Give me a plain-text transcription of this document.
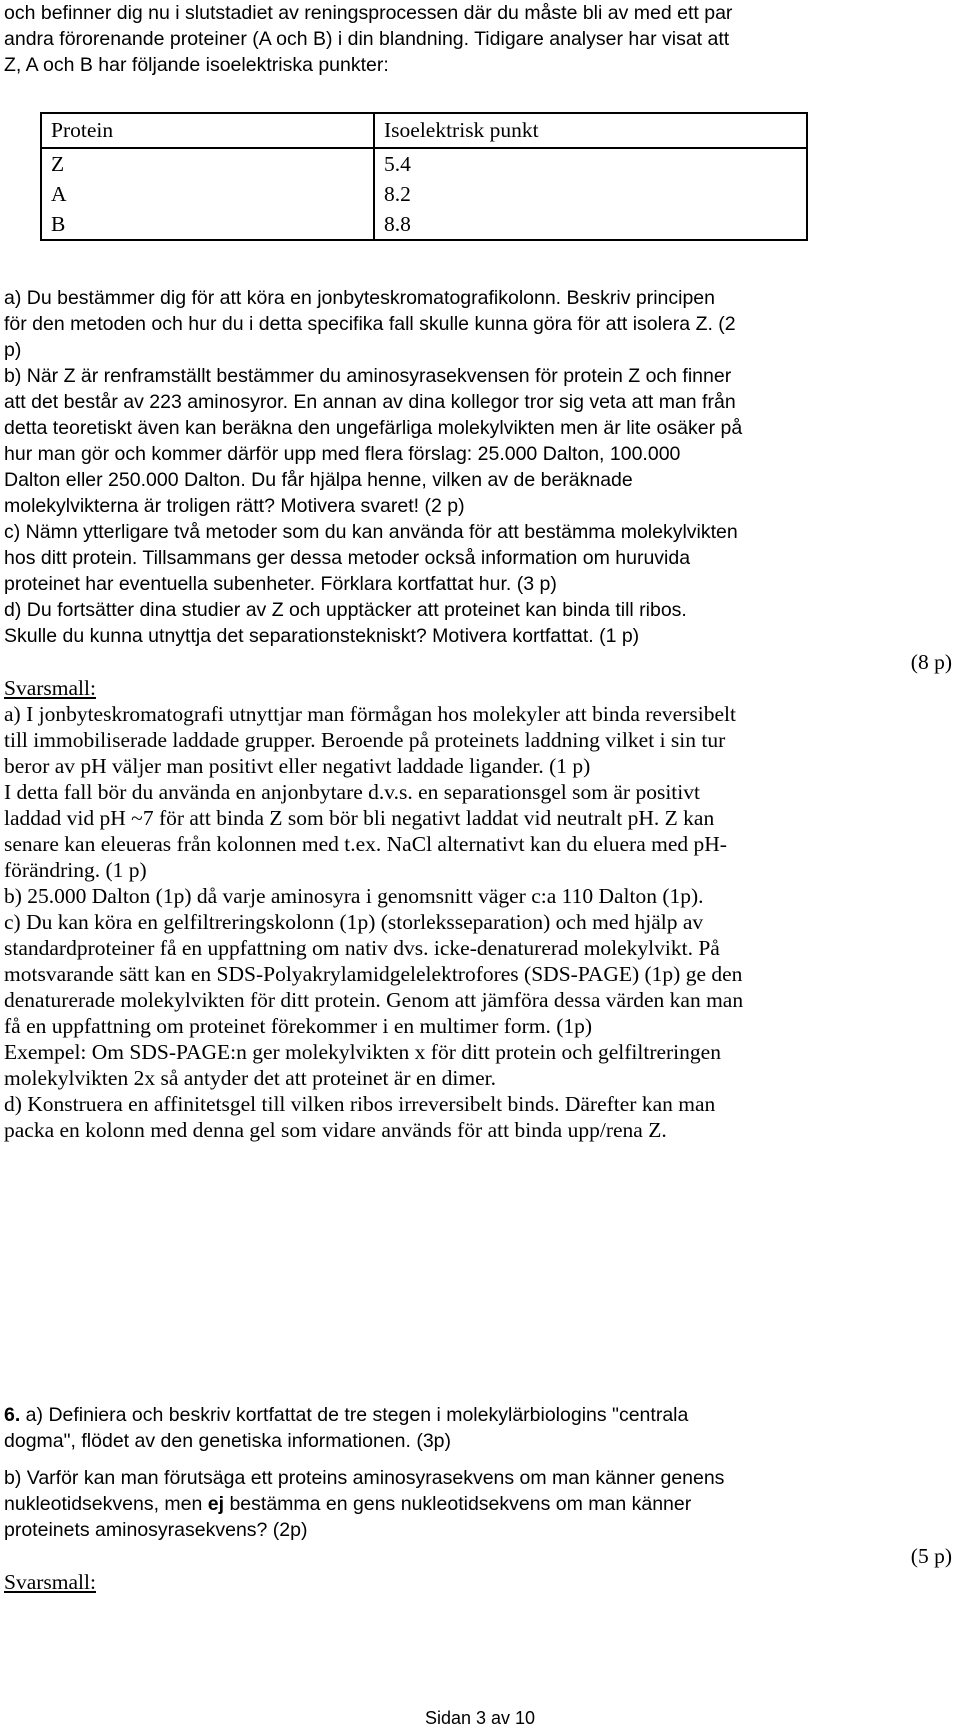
och befinner dig nu i slutstadiet av reningsprocessen där du måste bli av med ett par
andra förorenande proteiner (A och B) i din blandning. Tidigare analyser har visat att
Z, A och B har följande isoelektriska punkter:
Protein	Isoelektrisk punkt
Z	5.4
A	8.2
B	8.8
a) Du bestämmer dig för att köra en jonbyteskromatografikolonn. Beskriv principen
för den metoden och hur du i detta specifika fall skulle kunna göra för att isolera Z. (2
p)
b) När Z är renframställt bestämmer du aminosyrasekvensen för protein Z och finner
att det består av 223 aminosyror. En annan av dina kollegor tror sig veta att man från
detta teoretiskt även kan beräkna den ungefärliga molekylvikten men är lite osäker på
hur man gör och kommer därför upp med flera förslag: 25.000 Dalton, 100.000
Dalton eller 250.000 Dalton. Du får hjälpa henne, vilken av de beräknade
molekylvikterna är troligen rätt? Motivera svaret! (2 p)
c) Nämn ytterligare två metoder som du kan använda för att bestämma molekylvikten
hos ditt protein. Tillsammans ger dessa metoder också information om huruvida
proteinet har eventuella subenheter. Förklara kortfattat hur. (3 p)
d) Du fortsätter dina studier av Z och upptäcker att proteinet kan binda till ribos.
Skulle du kunna utnyttja det separationstekniskt? Motivera kortfattat. (1 p)
(8 p)
Svarsmall:
a) I jonbyteskromatografi utnyttjar man förmågan hos molekyler att binda reversibelt
till immobiliserade laddade grupper. Beroende på proteinets laddning vilket i sin tur
beror av pH väljer man positivt eller negativt laddade ligander. (1 p)
I detta fall bör du använda en anjonbytare d.v.s. en separationsgel som är positivt
laddad vid pH ~7 för att binda Z som bör bli negativt laddat vid neutralt pH. Z kan
senare kan eleueras från kolonnen med t.ex. NaCl alternativt kan du eluera med pH-
förändring. (1 p)
b) 25.000 Dalton (1p) då varje aminosyra i genomsnitt väger c:a 110 Dalton (1p).
c) Du kan köra en gelfiltreringskolonn (1p) (storleksseparation) och med hjälp av
standardproteiner få en uppfattning om nativ dvs. icke-denaturerad molekylvikt. På
motsvarande sätt kan en SDS-Polyakrylamidgelelektrofores (SDS-PAGE) (1p) ge den
denaturerade molekylvikten för ditt protein. Genom att jämföra dessa värden kan man
få en uppfattning om proteinet förekommer i en multimer form. (1p)
Exempel: Om SDS-PAGE:n ger molekylvikten x för ditt protein och gelfiltreringen
molekylvikten 2x så antyder det att proteinet är en dimer.
d) Konstruera en affinitetsgel till vilken ribos irreversibelt binds. Därefter kan man
packa en kolonn med denna gel som vidare används för att binda upp/rena Z.
6. a) Definiera och beskriv kortfattat de tre stegen i molekylärbiologins "centrala
dogma", flödet av den genetiska informationen. (3p)
b) Varför kan man förutsäga ett proteins aminosyrasekvens om man känner genens
nukleotidsekvens, men ej bestämma en gens nukleotidsekvens om man känner
proteinets aminosyrasekvens? (2p)
(5 p)
Svarsmall:
Sidan 3 av 10
